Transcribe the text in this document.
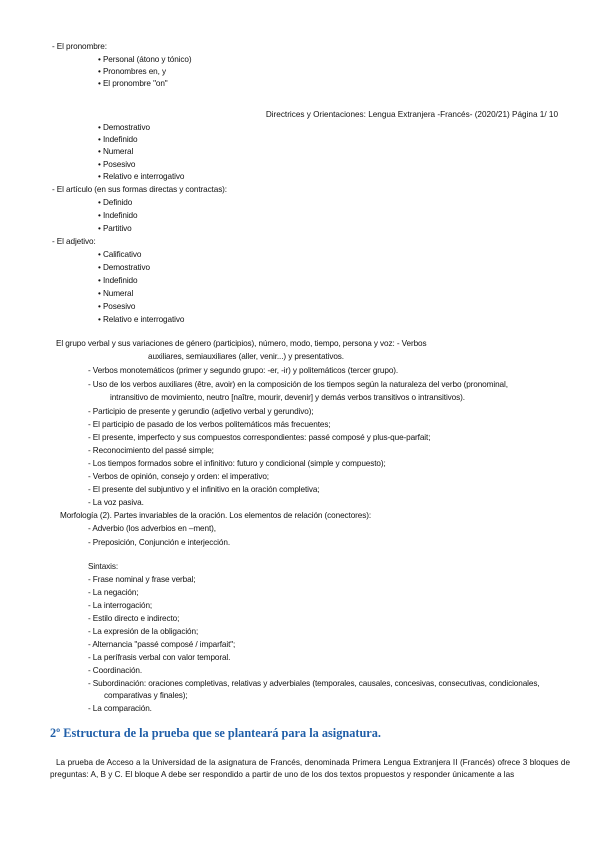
- El pronombre:
• Personal (átono y tónico)
• Pronombres en, y
• El pronombre "on"
Directrices y Orientaciones: Lengua Extranjera -Francés- (2020/21) Página 1/ 10
• Demostrativo
• Indefinido
• Numeral
• Posesivo
• Relativo e interrogativo
- El artículo (en sus formas directas y contractas):
• Definido
• Indefinido
• Partitivo
- El adjetivo:
• Calificativo
• Demostrativo
• Indefinido
• Numeral
• Posesivo
• Relativo e interrogativo
El grupo verbal y sus variaciones de género (participios), número, modo, tiempo, persona y voz: - Verbos
auxiliares, semiauxiliares (aller, venir...) y presentativos.
- Verbos monotemáticos (primer y segundo grupo: -er, -ir) y politemáticos (tercer grupo).
- Uso de los verbos auxiliares (être, avoir) en la composición de los tiempos según la naturaleza del verbo (pronominal,
intransitivo de movimiento, neutro [naître, mourir, devenir] y demás verbos transitivos o intransitivos).
- Participio de presente y gerundio (adjetivo verbal y gerundivo);
- El participio de pasado de los verbos politemáticos más frecuentes;
- El presente, imperfecto y sus compuestos correspondientes: passé composé y plus-que-parfait;
- Reconocimiento del passé simple;
- Los tiempos formados sobre el infinitivo: futuro y condicional (simple y compuesto);
- Verbos de opinión, consejo y orden: el imperativo;
- El presente del subjuntivo y el infinitivo en la oración completiva;
- La voz pasiva.
Morfología (2). Partes invariables de la oración. Los elementos de relación (conectores):
- Adverbio (los adverbios en –ment),
- Preposición, Conjunción e interjección.
Sintaxis:
- Frase nominal y frase verbal;
- La negación;
- La interrogación;
- Estilo directo e indirecto;
- La expresión de la obligación;
- Alternancia "passé composé / imparfait";
- La perífrasis verbal con valor temporal.
- Coordinación.
- Subordinación: oraciones completivas, relativas y adverbiales (temporales, causales, concesivas, consecutivas, condicionales,
comparativas y finales);
- La comparación.
2º Estructura de la prueba que se planteará para la asignatura.
La prueba de Acceso a la Universidad de la asignatura de Francés, denominada Primera Lengua Extranjera II (Francés) ofrece 3 bloques de preguntas: A, B y C. El bloque A debe ser respondido a partir de uno de los dos textos propuestos y responder únicamente a las
